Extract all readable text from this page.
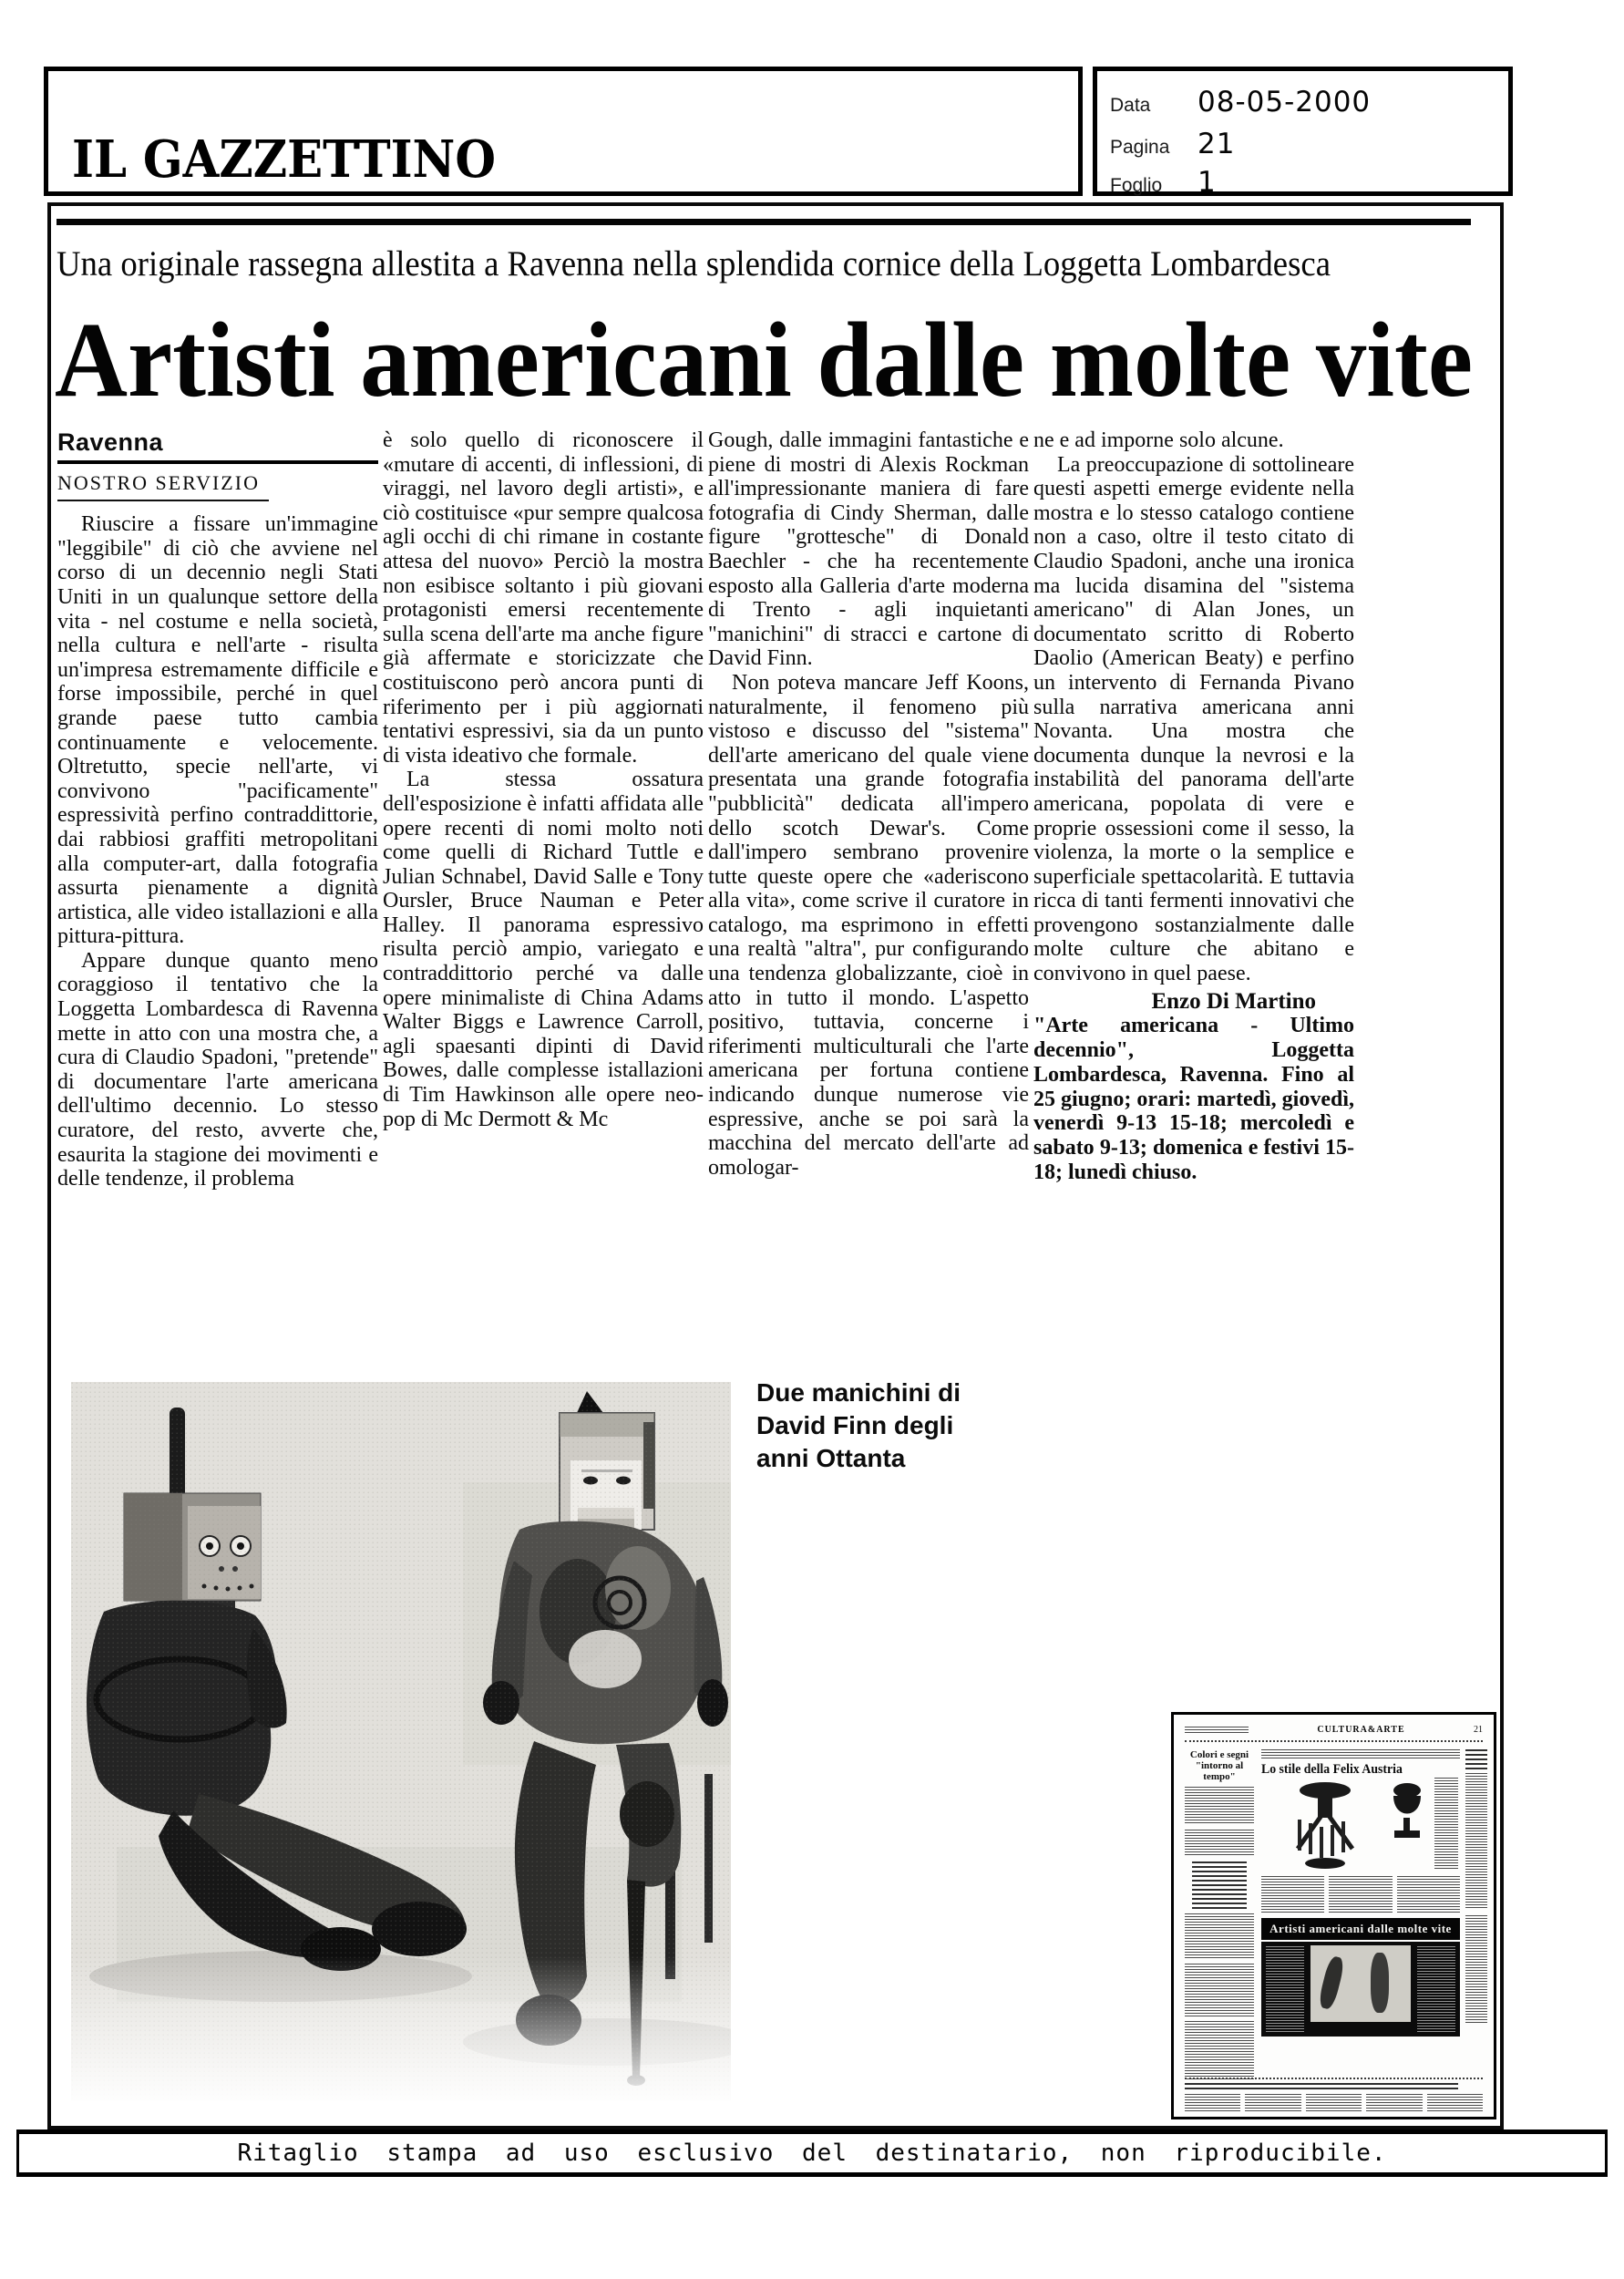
IL GAZZETTINO
Data	08-05-2000
Pagina 21
Foglio	1
Una originale rassegna allestita a Ravenna nella splendida cornice della Loggetta Lombardesca
Artisti americani dalle molte vite
Ravenna
NOSTRO SERVIZIO

Riuscire a fissare un'immagine "leggibile" di ciò che avviene nel corso di un decennio negli Stati Uniti in un qualunque settore della vita - nel costume e nella società, nella cultura e nell'arte - risulta un'impresa estremamente difficile e forse impossibile, perché in quel grande paese tutto cambia continuamente e velocemente. Oltretutto, specie nell'arte, vi convivono "pacificamente" espressività perfino contraddittorie, dai rabbiosi graffiti metropolitani alla computer-art, dalla fotografia assurta pienamente a dignità artistica, alle video istallazioni e alla pittura-pittura.

Appare dunque quanto meno coraggioso il tentativo che la Loggetta Lombardesca di Ravenna mette in atto con una mostra che, a cura di Claudio Spadoni, "pretende" di documentare l'arte americana dell'ultimo decennio. Lo stesso curatore, del resto, avverte che, esaurita la stagione dei movimenti e delle tendenze, il problema

è solo quello di riconoscere il «mutare di accenti, di inflessioni, di viraggi, nel lavoro degli artisti», e ciò costituisce «pur sempre qualcosa agli occhi di chi rimane in costante attesa del nuovo» Perciò la mostra non esibisce soltanto i più giovani protagonisti emersi recentemente sulla scena dell'arte ma anche figure già affermate e storicizzate che costituiscono però ancora punti di riferimento per i più aggiornati tentativi espressivi, sia da un punto di vista ideativo che formale.

La stessa ossatura dell'esposizione è infatti affidata alle opere recenti di nomi molto noti come quelli di Richard Tuttle e Julian Schnabel, David Salle e Tony Oursler, Bruce Nauman e Peter Halley. Il panorama espressivo risulta perciò ampio, variegato e contraddittorio perché va dalle opere minimaliste di China Adams Walter Biggs e Lawrence Carroll, agli spaesanti dipinti di David Bowes, dalle complesse istallazioni di Tim Hawkinson alle opere neo-pop di Mc Dermott & Mc

Gough, dalle immagini fantastiche e piene di mostri di Alexis Rockman all'impressionante maniera di fare fotografia di Cindy Sherman, dalle figure "grottesche" di Donald Baechler - che ha recentemente esposto alla Galleria d'arte moderna di Trento - agli inquietanti "manichini" di stracci e cartone di David Finn.

Non poteva mancare Jeff Koons, naturalmente, il fenomeno più vistoso e discusso del "sistema" dell'arte americano del quale viene presentata una grande fotografia "pubblicità" dedicata all'impero dello scotch Dewar's. Come dall'impero sembrano provenire tutte queste opere che «aderiscono alla vita», come scrive il curatore in catalogo, ma esprimono in effetti una realtà "altra", pur configurando una tendenza globalizzante, cioè in atto in tutto il mondo. L'aspetto positivo, tuttavia, concerne i riferimenti multiculturali che l'arte americana per fortuna contiene indicando dunque numerose vie espressive, anche se poi sarà la macchina del mercato dell'arte ad omologar-

ne e ad imporne solo alcune.

La preoccupazione di sottolineare questi aspetti emerge evidente nella mostra e lo stesso catalogo contiene non a caso, oltre il testo citato di Claudio Spadoni, anche una ironica ma lucida disamina del "sistema americano" di Alan Jones, un documentato scritto di Roberto Daolio (American Beaty) e perfino un intervento di Fernanda Pivano sulla narrativa americana anni Novanta. Una mostra che documenta dunque la nevrosi e la instabilità del panorama dell'arte americana, popolata di vere e proprie ossessioni come il sesso, la violenza, la morte o la semplice e superficiale spettacolarità. E tuttavia ricca di tanti fermenti innovativi che provengono sostanzialmente dalle molte culture che abitano e convivono in quel paese.

Enzo Di Martino

"Arte americana - Ultimo decennio", Loggetta Lombardesca, Ravenna. Fino al 25 giugno; orari: martedì, giovedì, venerdì 9-13 15-18; mercoledì e sabato 9-13; domenica e festivi 15-18; lunedì chiuso.

Due manichini di
David Finn degli
anni Ottanta
CULTURA&ARTE	21
Colori e segni "intorno al tempo"	Lo stile della Felix Austria
Artisti americani dalle molte vite
Ritaglio stampa ad uso esclusivo del destinatario, non riproducibile.
